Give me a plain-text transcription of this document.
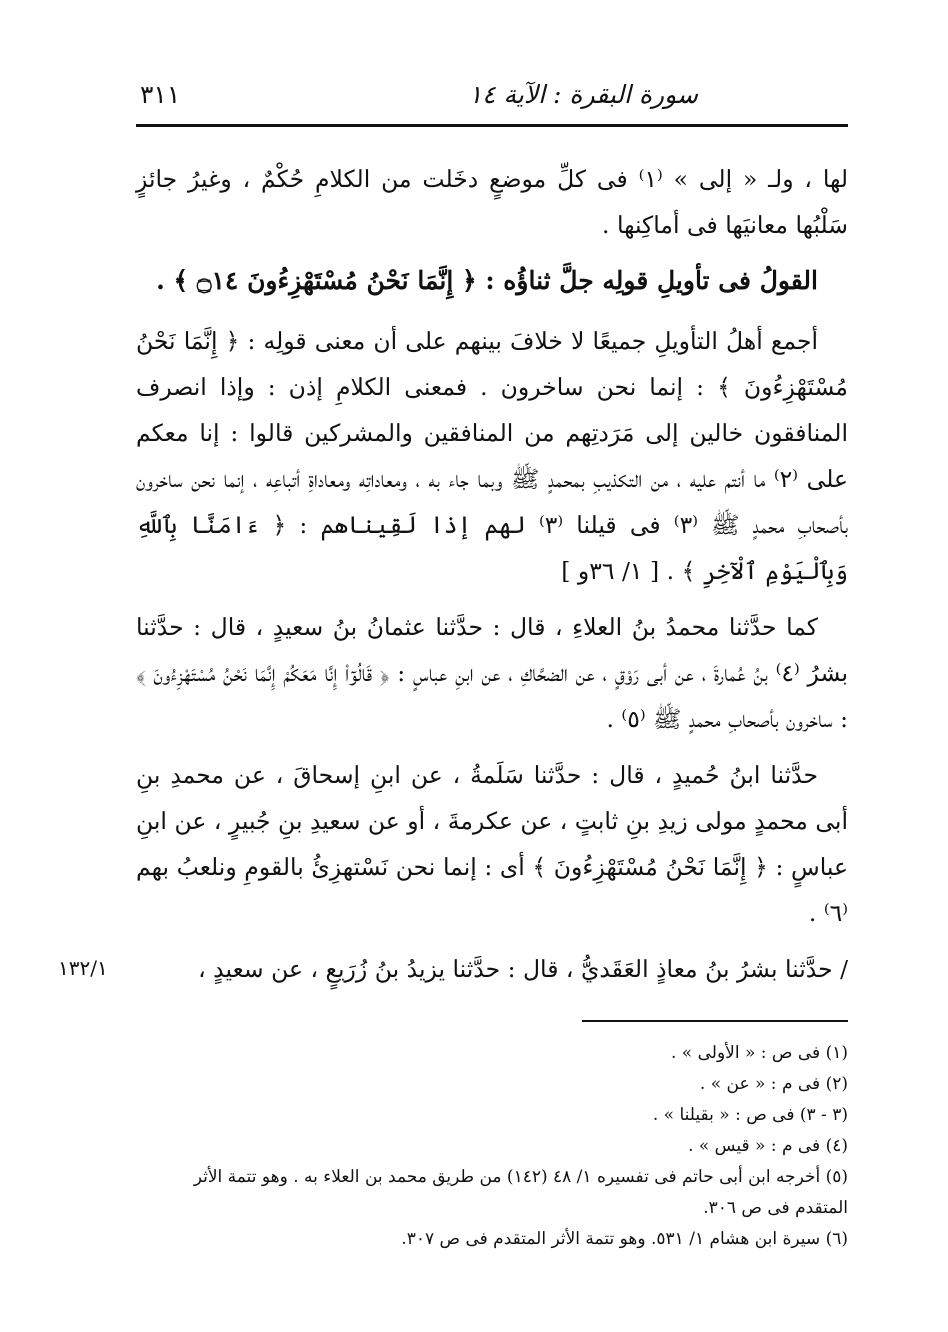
سورة البقرة : الآية ١٤
٣١١

لها ، ولـ « إلى » ⁽١⁾ فى كلِّ موضعٍ دخَلت من الكلامِ حُكْمٌ ، وغيرُ جائزٍ سَلْبُها معانيَها فى أماكِنها .

القولُ فى تأويلِ قولِه جلَّ ثناؤُه : ﴿ إِنَّمَا نَحْنُ مُسْتَهْزِءُونَ ۝١٤ ﴾ .

أجمع أهلُ التأويلِ جميعًا لا خلافَ بينهم على أن معنى قولِه : ﴿ إِنَّمَا نَحْنُ مُسْتَهْزِءُونَ ﴾ : إنما نحن ساخرون . فمعنى الكلامِ إذن : وإذا انصرف المنافقون خالين إلى مَرَدتِهم من المنافقين والمشركين قالوا : إنا معكم على ⁽٢⁾ ما أنتم عليه ، من التكذيبِ بمحمدٍ ﷺ وبما جاء به ، ومعاداتِه ومعاداةِ أتباعِه ، إنما نحن ساخرون بأصحابِ محمدٍ ﷺ ⁽٣⁾ فى قيلنا ⁽٣⁾ لهم إذا لَقِيناهم : ﴿ ءَامَنَّا بِٱللَّهِ وَبِٱلْيَوْمِ ٱلْآخِرِ ﴾ . [ ١/ ٣٦و ]

كما حدَّثنا محمدُ بنُ العلاءِ ، قال : حدَّثنا عثمانُ بنُ سعيدٍ ، قال : حدَّثنا بشرُ ⁽٤⁾ بنُ عُمارةَ ، عن أبى رَوْقٍ ، عن الضحَّاكِ ، عن ابنِ عباسٍ : ﴿ قَالُوٓا۟ إِنَّا مَعَكُمْ إِنَّمَا نَحْنُ مُسْتَهْزِءُونَ ﴾ : ساخرون بأصحابِ محمدٍ ﷺ ⁽٥⁾ .

حدَّثنا ابنُ حُميدٍ ، قال : حدَّثنا سَلَمةُ ، عن ابنِ إسحاقَ ، عن محمدِ بنِ أبى محمدٍ مولى زيدِ بنِ ثابتٍ ، عن عكرمةَ ، أو عن سعيدِ بنِ جُبيرٍ ، عن ابنِ عباسٍ : ﴿ إِنَّمَا نَحْنُ مُسْتَهْزِءُونَ ﴾ أى : إنما نحن نَسْتهزِئُ بالقومِ ونلعبُ بهم ⁽٦⁾ .

/ حدَّثنا بشرُ بنُ معاذٍ العَقَديُّ ، قال : حدَّثنا يزيدُ بنُ زُرَيعٍ ، عن سعيدٍ ،

١٣٢/١

(١) فى ص : « الأولى » .

(٢) فى م : « عن » .

(٣ - ٣) فى ص : « بقيلنا » .

(٤) فى م : « قيس » .

(٥) أخرجه ابن أبى حاتم فى تفسيره ١/ ٤٨ (١٤٢) من طريق محمد بن العلاء به . وهو تتمة الأثر المتقدم فى ص ٣٠٦.

(٦) سيرة ابن هشام ١/ ٥٣١. وهو تتمة الأثر المتقدم فى ص ٣٠٧.
